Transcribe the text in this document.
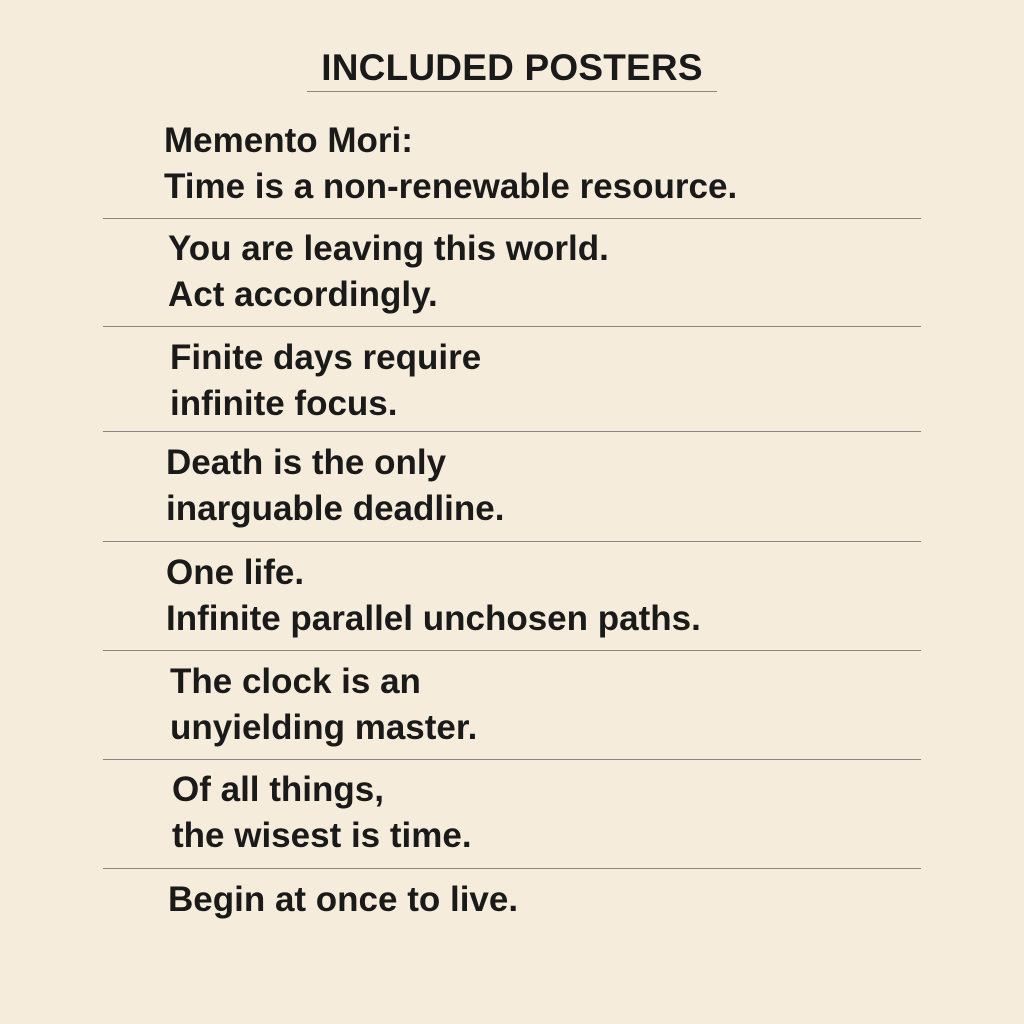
INCLUDED POSTERS
Memento Mori:
Time is a non-renewable resource.
You are leaving this world.
Act accordingly.
Finite days require
infinite focus.
Death is the only
inarguable deadline.
One life.
Infinite parallel unchosen paths.
The clock is an
unyielding master.
Of all things,
the wisest is time.
Begin at once to live.
